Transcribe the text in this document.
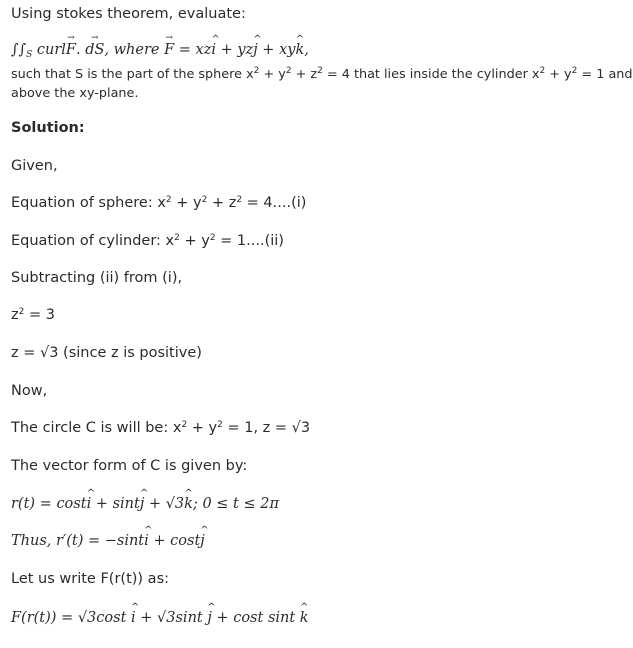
Using stokes theorem, evaluate:
$\int\int_S$ curl→ F. → dS, where → F = xz^ i + yz^ j + xy^ k,
such that S is the part of the sphere $x^2 + y^2 + z^2 = 4$ that lies inside the cylinder $x^2 + y^2 = 1$ and
above the xy-plane.
Solution:
Given,
Equation of sphere: $x^2 + y^2 + z^2 = 4....(i)$
Equation of cylinder: $x^2 + y^2 = 1....(ii)$
Subtracting (ii) from (i),
$z^2 = 3$
z = √3 (since z is positive)
Now,
The circle C is will be: $x^2 + y^2 = 1$, z = √3
The vector form of C is given by:
r(t) = cost^ i + sint^ j + √3^ k; 0 ≤ t ≤ 2π
Thus, r′(t) = −sint^ i + cost^ j
Let us write F(r(t)) as:
F(r(t)) = √3cost ^ i + √3sint ^ j + cost sint ^ k
